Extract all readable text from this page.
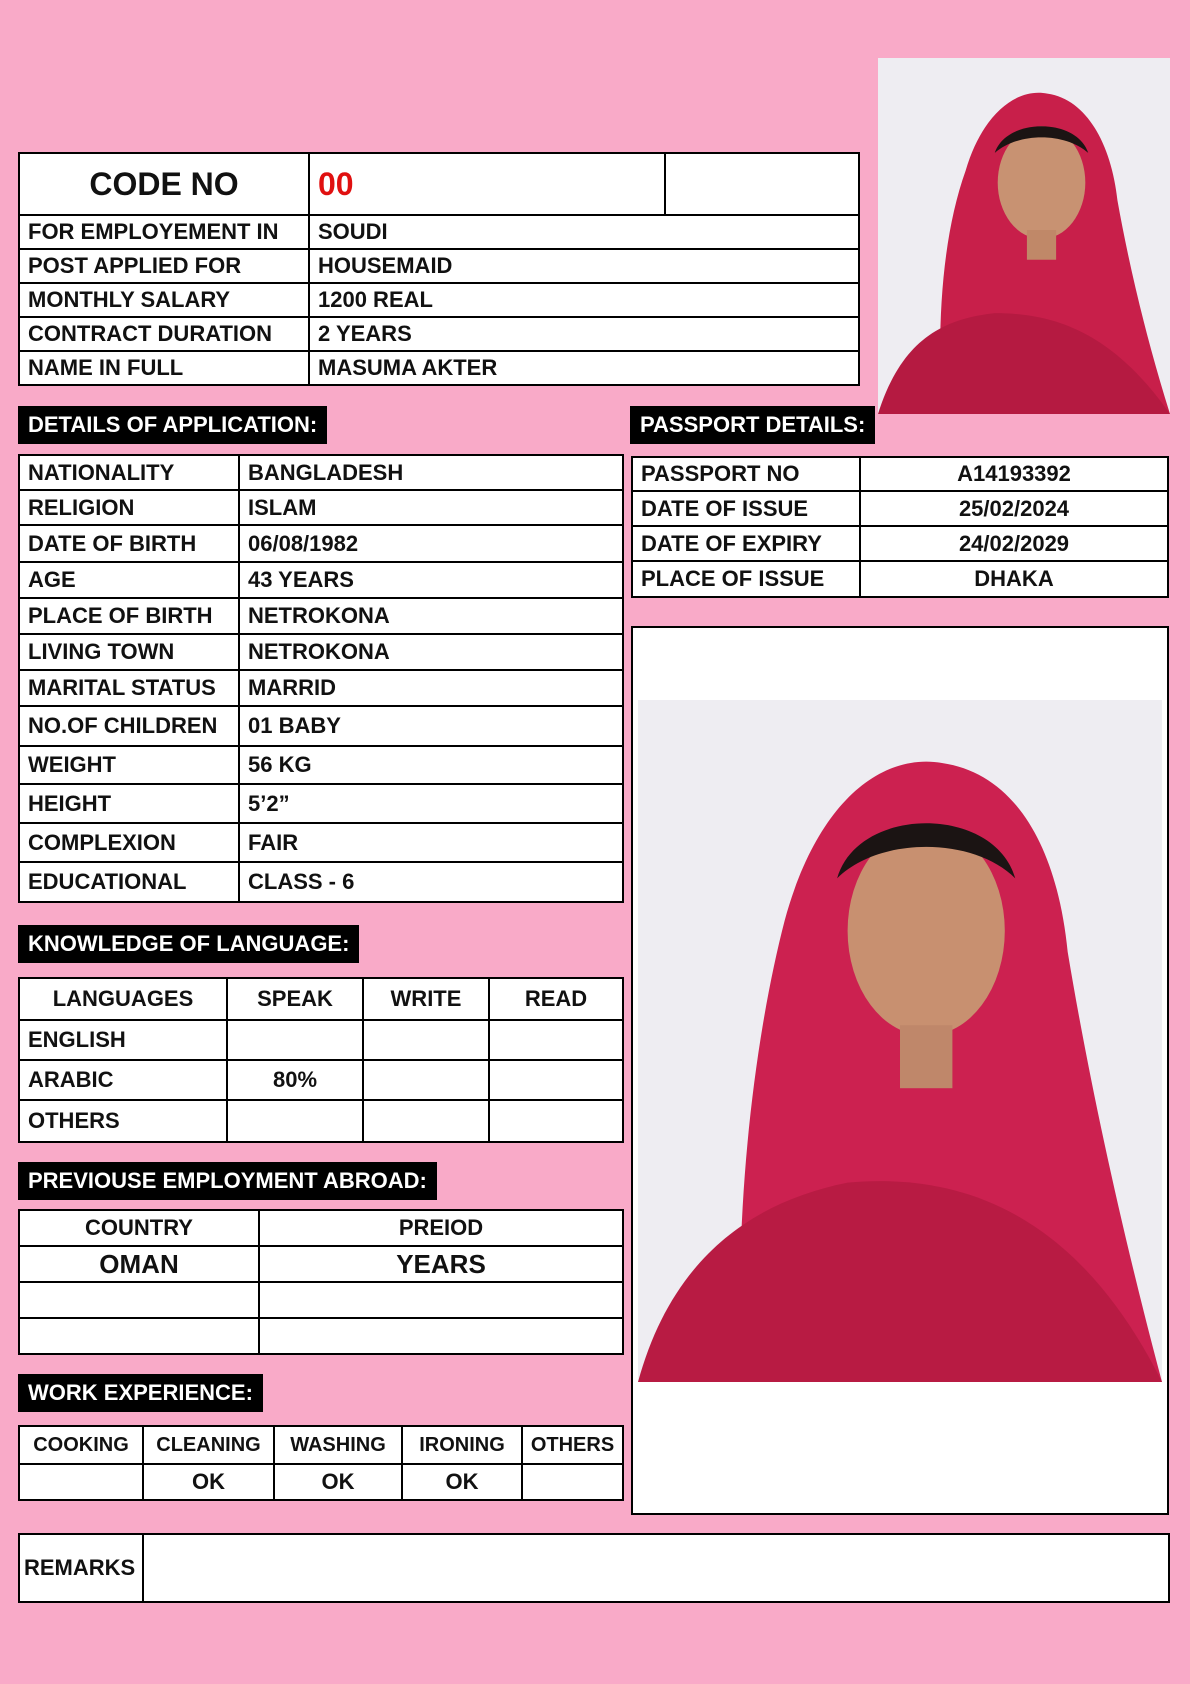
CODE NO	00	
FOR EMPLOYEMENT IN	SOUDI	
POST APPLIED FOR	HOUSEMAID	
MONTHLY SALARY	1200 REAL	
CONTRACT DURATION	2 YEARS	
NAME IN FULL	MASUMA AKTER	
DETAILS OF APPLICATION:	PASSPORT DETAILS:
NATIONALITY	BANGLADESH
RELIGION	ISLAM
DATE OF BIRTH	06/08/1982
AGE	43 YEARS
PLACE OF BIRTH	NETROKONA
LIVING TOWN	NETROKONA
MARITAL STATUS	MARRID
NO.OF CHILDREN	01 BABY
WEIGHT	56 KG
HEIGHT	5’2”
COMPLEXION	FAIR
EDUCATIONAL	CLASS - 6
PASSPORT NO	A14193392
DATE OF ISSUE	25/02/2024
DATE OF EXPIRY	24/02/2029
PLACE OF ISSUE	DHAKA
KNOWLEDGE OF LANGUAGE:
LANGUAGES	SPEAK	WRITE	READ
ENGLISH			
ARABIC	80%		
OTHERS			
PREVIOUSE EMPLOYMENT ABROAD:
COUNTRY	PREIOD
OMAN	YEARS

WORK EXPERIENCE:
COOKING	CLEANING	WASHING	IRONING	OTHERS
	OK	OK	OK	
REMARKS	
